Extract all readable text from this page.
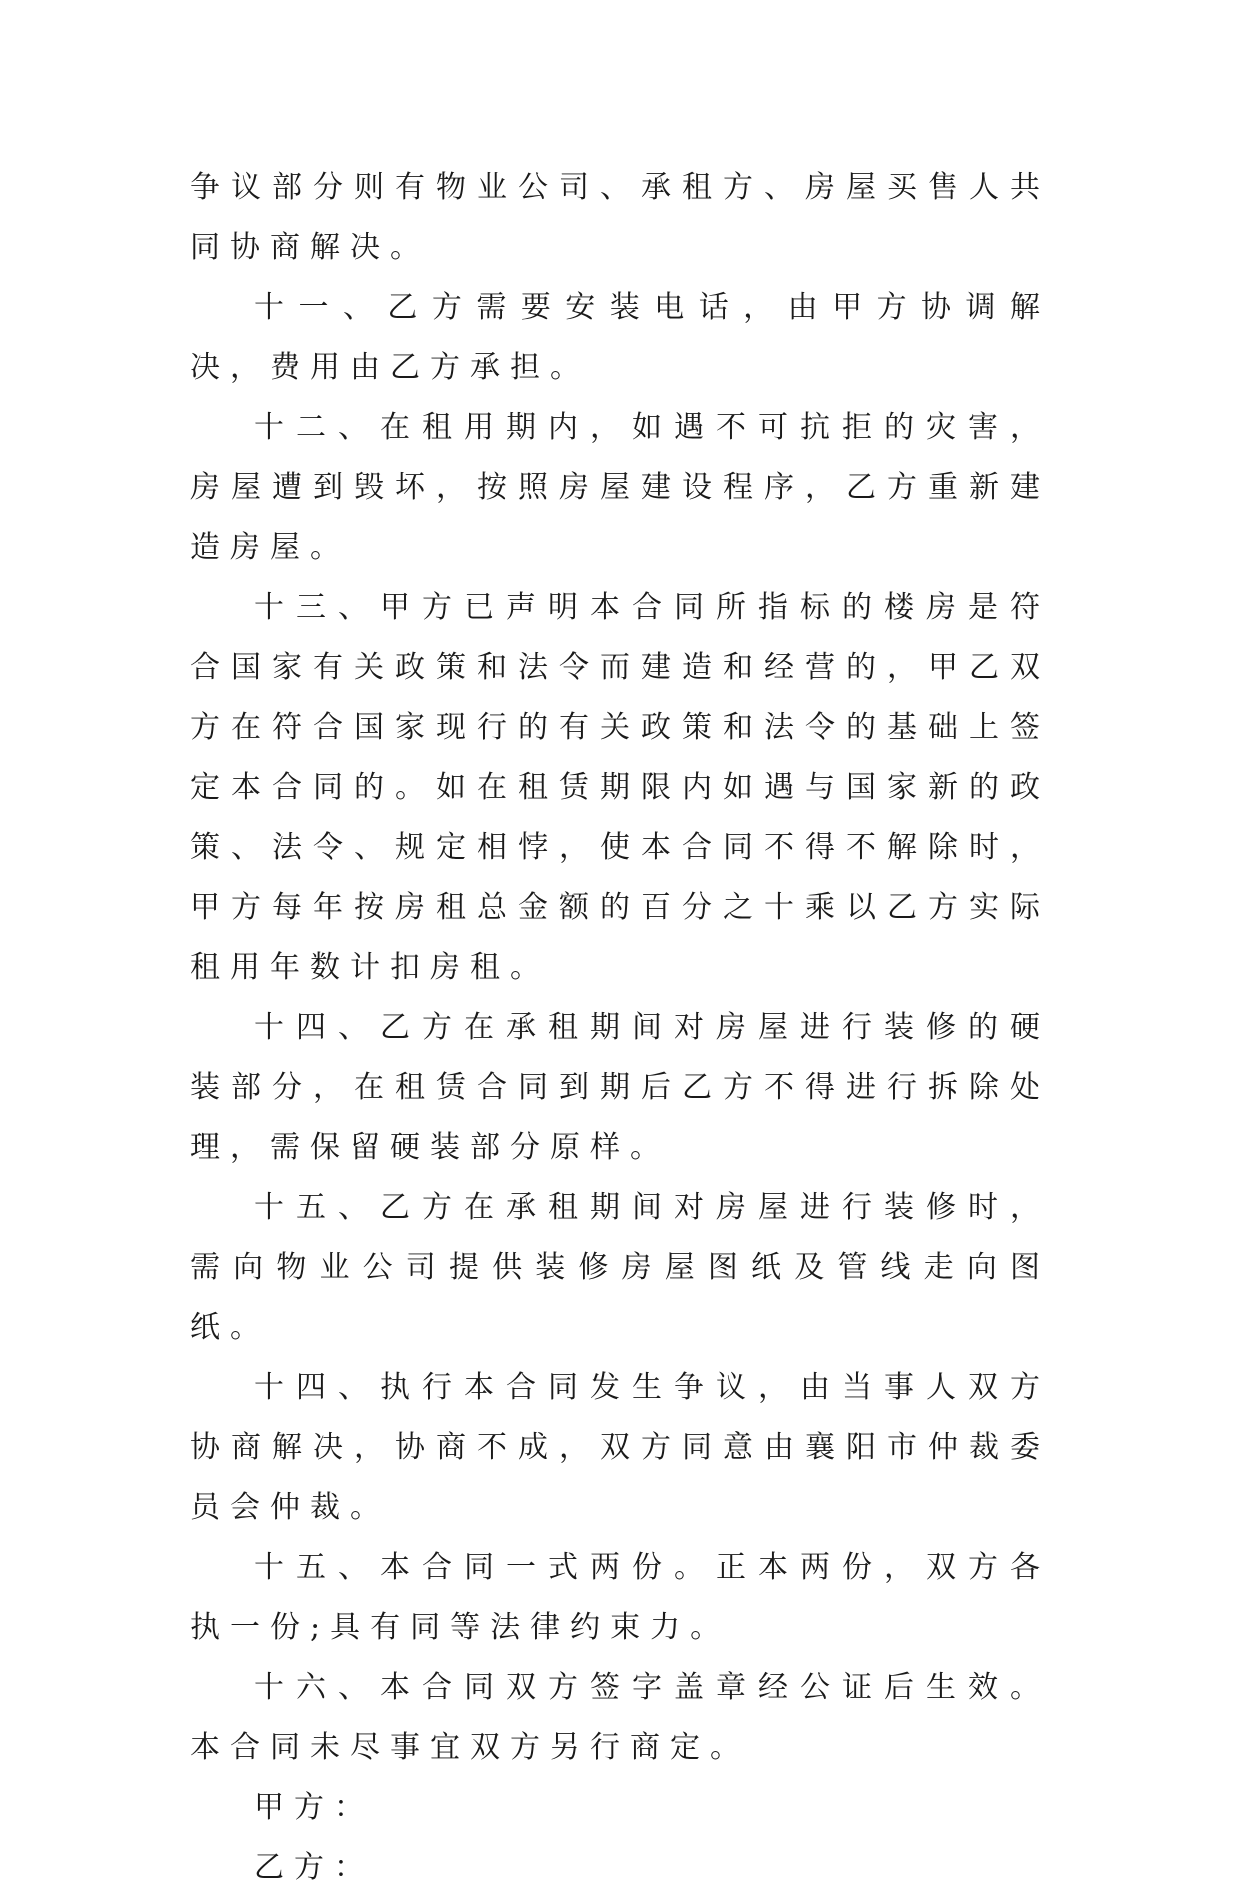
争议部分则有物业公司、承租方、房屋买售人共同协商解决。

十一、乙方需要安装电话，由甲方协调解决，费用由乙方承担。

十二、在租用期内，如遇不可抗拒的灾害，房屋遭到毁坏，按照房屋建设程序，乙方重新建造房屋。

十三、甲方已声明本合同所指标的楼房是符合国家有关政策和法令而建造和经营的，甲乙双方在符合国家现行的有关政策和法令的基础上签定本合同的。如在租赁期限内如遇与国家新的政策、法令、规定相悖，使本合同不得不解除时，甲方每年按房租总金额的百分之十乘以乙方实际租用年数计扣房租。

十四、乙方在承租期间对房屋进行装修的硬装部分，在租赁合同到期后乙方不得进行拆除处理，需保留硬装部分原样。

十五、乙方在承租期间对房屋进行装修时，需向物业公司提供装修房屋图纸及管线走向图纸。

十四、执行本合同发生争议，由当事人双方协商解决，协商不成，双方同意由襄阳市仲裁委员会仲裁。

十五、本合同一式两份。正本两份，双方各执一份;具有同等法律约束力。

十六、本合同双方签字盖章经公证后生效。本合同未尽事宜双方另行商定。

甲方：

乙方：
